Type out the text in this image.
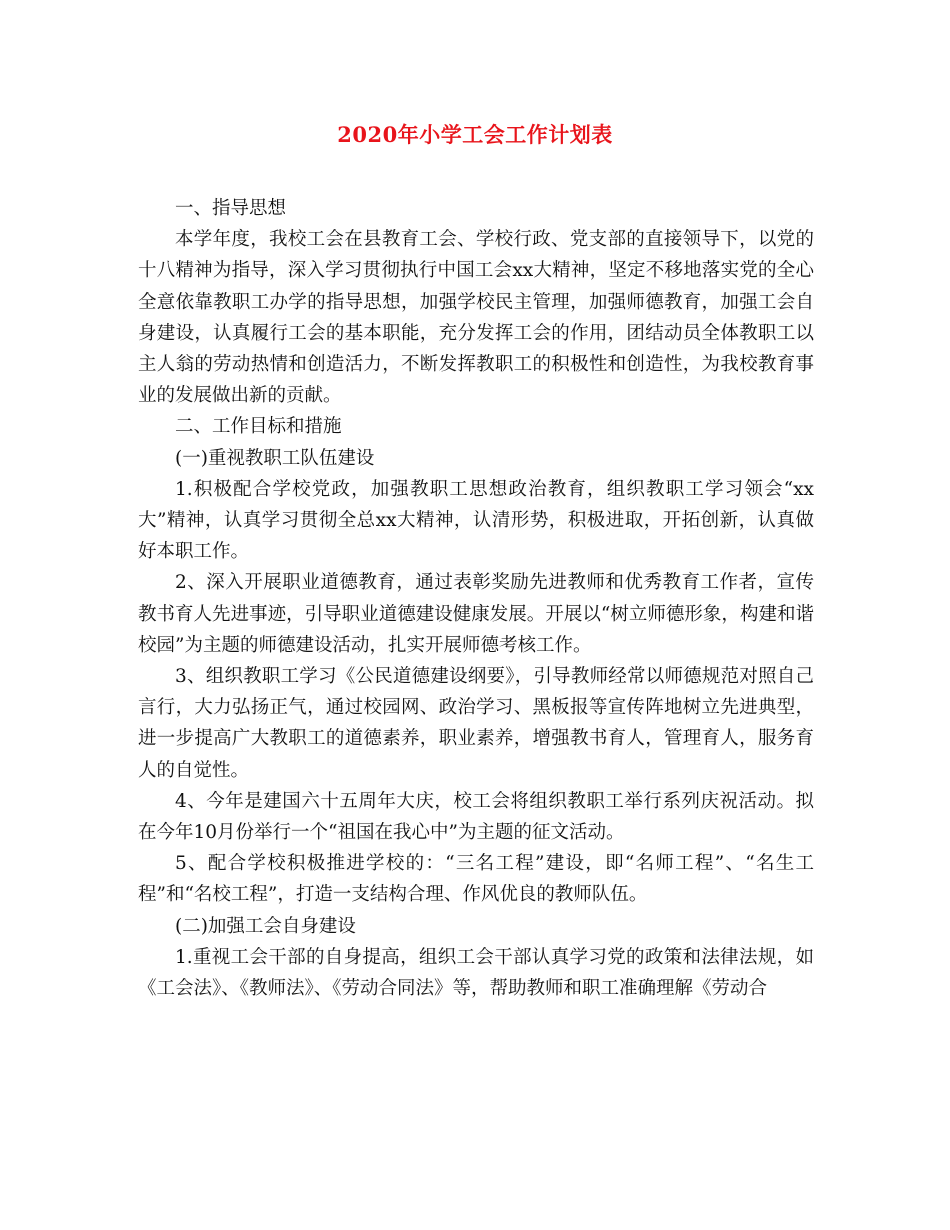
2020年小学工会工作计划表

一、指导思想

本学年度，我校工会在县教育工会、学校行政、党支部的直接领导下，以党的十八精神为指导，深入学习贯彻执行中国工会xx大精神，坚定不移地落实党的全心全意依靠教职工办学的指导思想，加强学校民主管理，加强师德教育，加强工会自身建设，认真履行工会的基本职能，充分发挥工会的作用，团结动员全体教职工以主人翁的劳动热情和创造活力，不断发挥教职工的积极性和创造性，为我校教育事业的发展做出新的贡献。

二、工作目标和措施

(一)重视教职工队伍建设

1.积极配合学校党政，加强教职工思想政治教育，组织教职工学习领会“xx大”精神，认真学习贯彻全总xx大精神，认清形势，积极进取，开拓创新，认真做好本职工作。

2、深入开展职业道德教育，通过表彰奖励先进教师和优秀教育工作者，宣传教书育人先进事迹，引导职业道德建设健康发展。开展以“树立师德形象，构建和谐校园”为主题的师德建设活动，扎实开展师德考核工作。

3、组织教职工学习《公民道德建设纲要》，引导教师经常以师德规范对照自己言行，大力弘扬正气，通过校园网、政治学习、黑板报等宣传阵地树立先进典型，进一步提高广大教职工的道德素养，职业素养，增强教书育人，管理育人，服务育人的自觉性。

4、今年是建国六十五周年大庆，校工会将组织教职工举行系列庆祝活动。拟在今年10月份举行一个“祖国在我心中”为主题的征文活动。

5、配合学校积极推进学校的：“三名工程”建设，即“名师工程”、“名生工程”和“名校工程”，打造一支结构合理、作风优良的教师队伍。

(二)加强工会自身建设

1.重视工会干部的自身提高，组织工会干部认真学习党的政策和法律法规，如《工会法》、《教师法》、《劳动合同法》等，帮助教师和职工准确理解《劳动合
